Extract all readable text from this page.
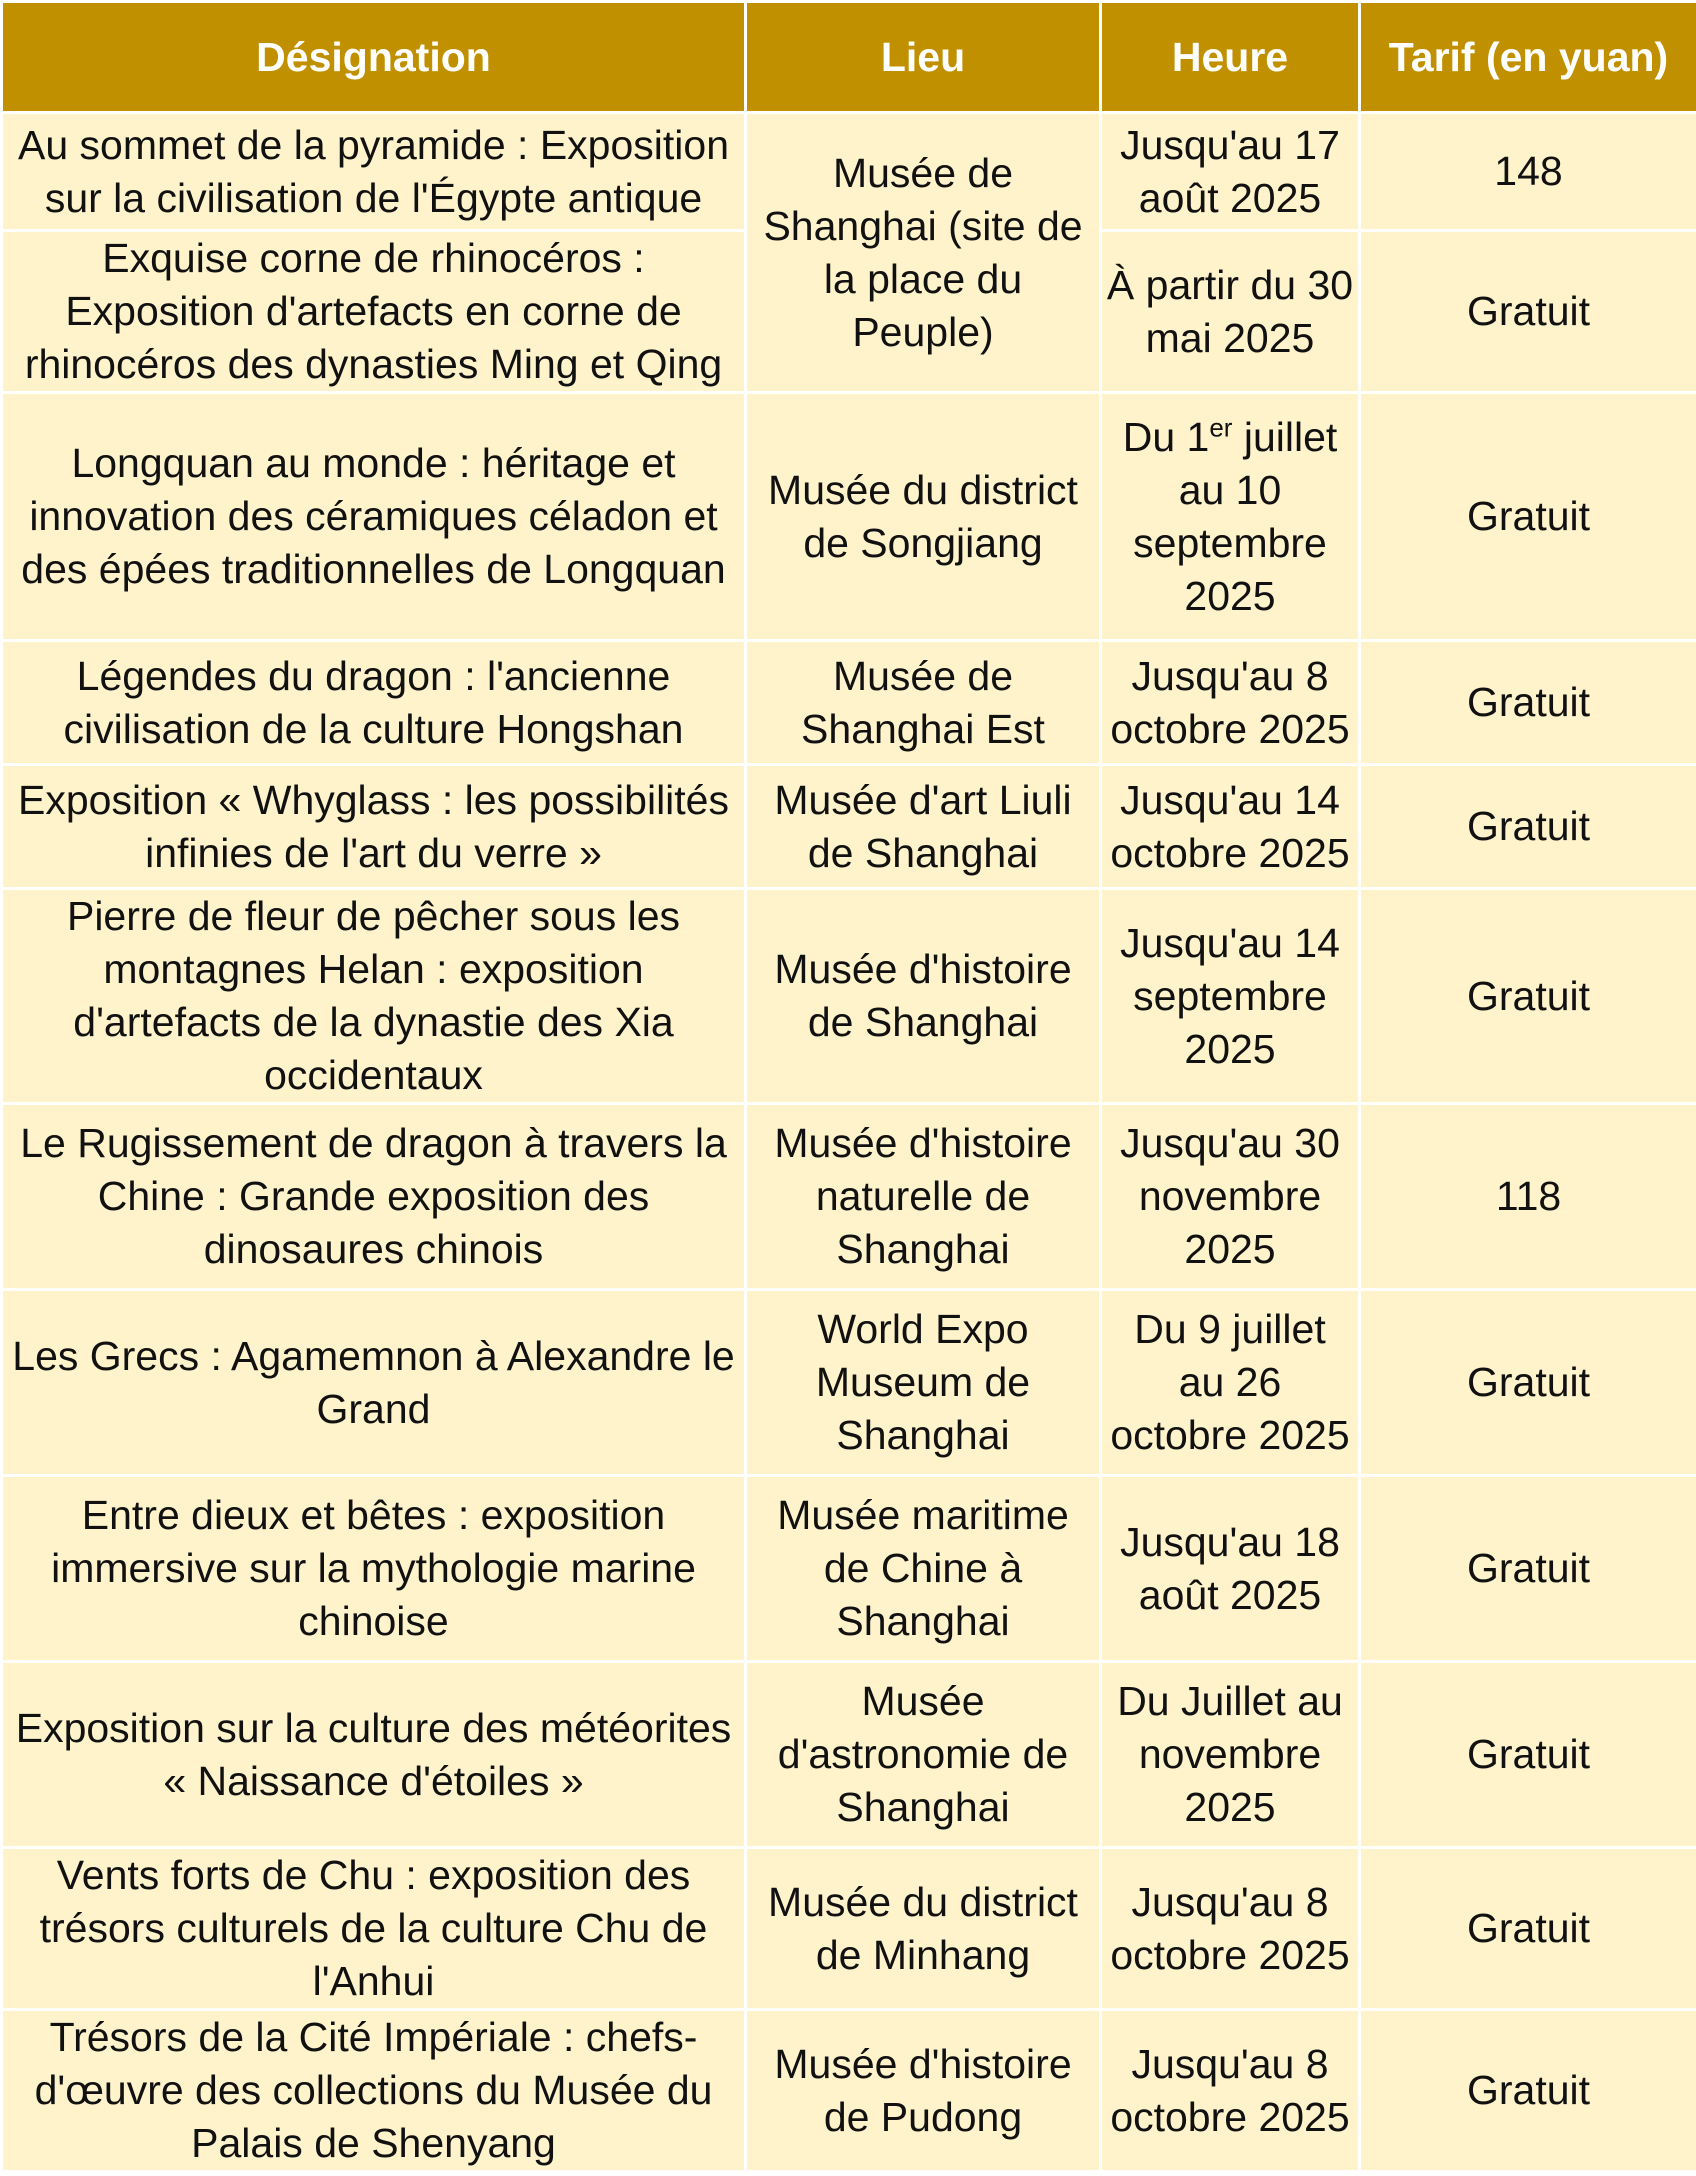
Désignation	Lieu	Heure	Tarif (en yuan)
Au sommet de la pyramide : Exposition sur la civilisation de l'Égypte antique	Musée de Shanghai (site de la place du Peuple)	Jusqu'au 17 août 2025	148
Exquise corne de rhinocéros : Exposition d'artefacts en corne de rhinocéros des dynasties Ming et Qing		À partir du 30 mai 2025	Gratuit
Longquan au monde : héritage et innovation des céramiques céladon et des épées traditionnelles de Longquan	Musée du district de Songjiang	Du 1er juillet au 10 septembre 2025	Gratuit
Légendes du dragon : l'ancienne civilisation de la culture Hongshan	Musée de Shanghai Est	Jusqu'au 8 octobre 2025	Gratuit
Exposition « Whyglass : les possibilités infinies de l'art du verre »	Musée d'art Liuli de Shanghai	Jusqu'au 14 octobre 2025	Gratuit
Pierre de fleur de pêcher sous les montagnes Helan : exposition d'artefacts de la dynastie des Xia occidentaux	Musée d'histoire de Shanghai	Jusqu'au 14 septembre 2025	Gratuit
Le Rugissement de dragon à travers la Chine : Grande exposition des dinosaures chinois	Musée d'histoire naturelle de Shanghai	Jusqu'au 30 novembre 2025	118
Les Grecs : Agamemnon à Alexandre le Grand	World Expo Museum de Shanghai	Du 9 juillet au 26 octobre 2025	Gratuit
Entre dieux et bêtes : exposition immersive sur la mythologie marine chinoise	Musée maritime de Chine à Shanghai	Jusqu'au 18 août 2025	Gratuit
Exposition sur la culture des météorites « Naissance d'étoiles »	Musée d'astronomie de Shanghai	Du Juillet au novembre 2025	Gratuit
Vents forts de Chu : exposition des trésors culturels de la culture Chu de l'Anhui	Musée du district de Minhang	Jusqu'au 8 octobre 2025	Gratuit
Trésors de la Cité Impériale : chefs-d'œuvre des collections du Musée du Palais de Shenyang	Musée d'histoire de Pudong	Jusqu'au 8 octobre 2025	Gratuit
